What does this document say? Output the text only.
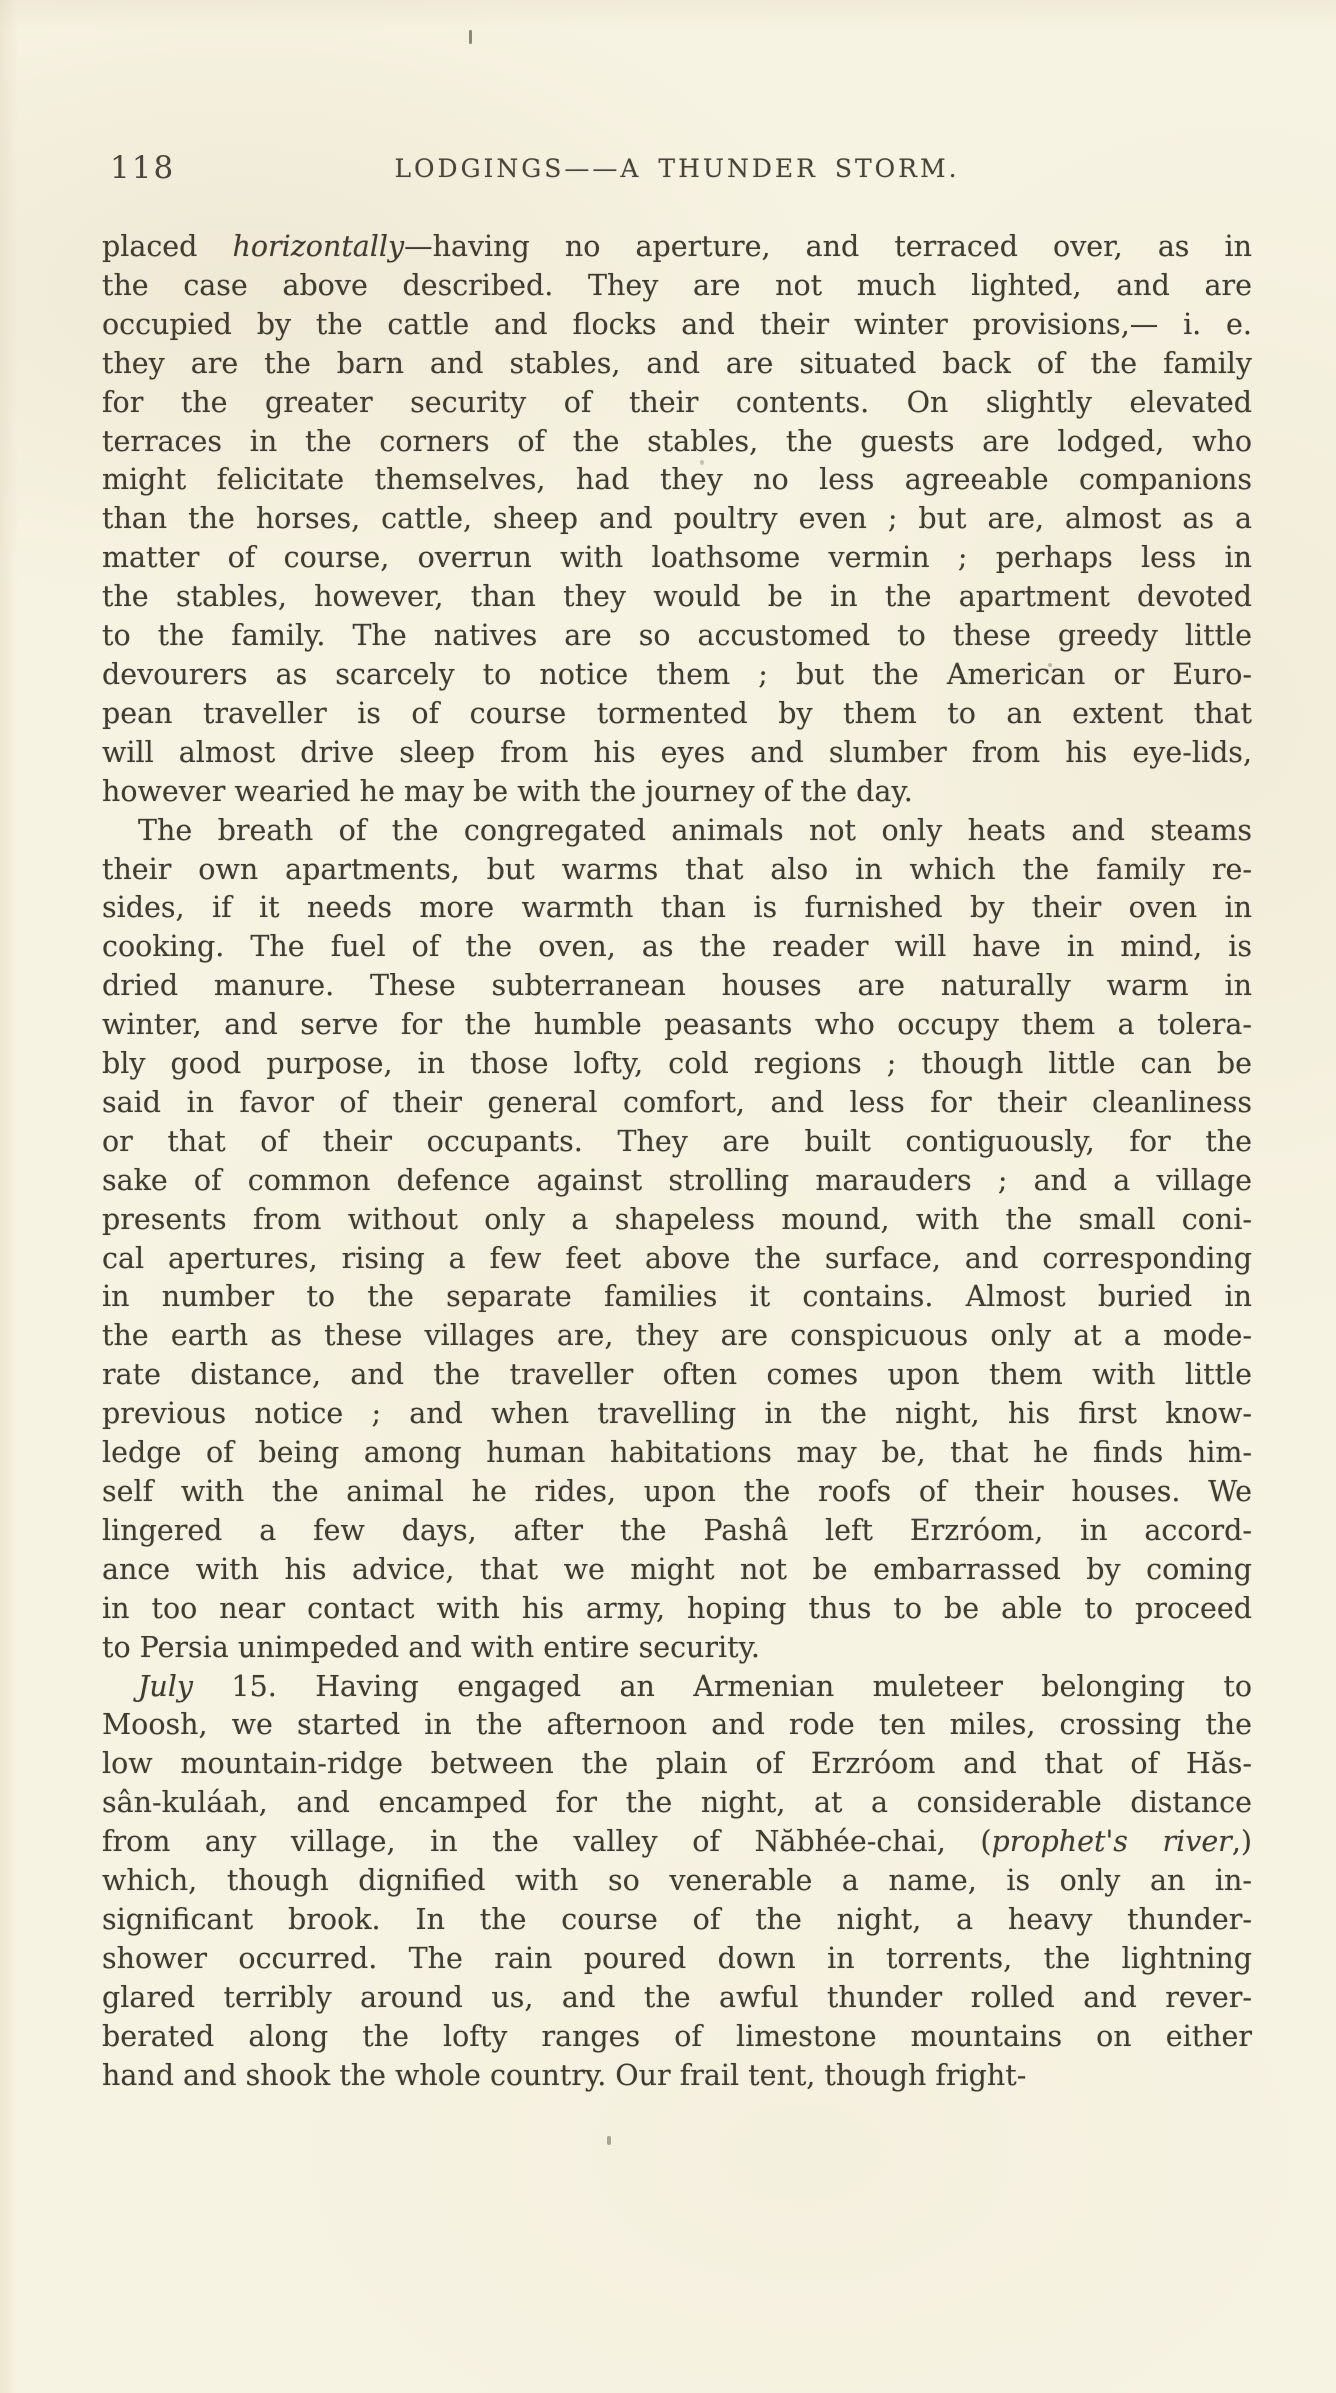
118	LODGINGS——A THUNDER STORM.
placed horizontally—having no aperture, and terraced over, as in
the case above described. They are not much lighted, and are
occupied by the cattle and flocks and their winter provisions,— i. e.
they are the barn and stables, and are situated back of the family
for the greater security of their contents. On slightly elevated
terraces in the corners of the stables, the guests are lodged, who
might felicitate themselves, had they no less agreeable companions
than the horses, cattle, sheep and poultry even ; but are, almost as a
matter of course, overrun with loathsome vermin ; perhaps less in
the stables, however, than they would be in the apartment devoted
to the family. The natives are so accustomed to these greedy little
devourers as scarcely to notice them ; but the American or Euro-
pean traveller is of course tormented by them to an extent that
will almost drive sleep from his eyes and slumber from his eye-lids,
however wearied he may be with the journey of the day.
The breath of the congregated animals not only heats and steams
their own apartments, but warms that also in which the family re-
sides, if it needs more warmth than is furnished by their oven in
cooking. The fuel of the oven, as the reader will have in mind, is
dried manure. These subterranean houses are naturally warm in
winter, and serve for the humble peasants who occupy them a tolera-
bly good purpose, in those lofty, cold regions ; though little can be
said in favor of their general comfort, and less for their cleanliness
or that of their occupants. They are built contiguously, for the
sake of common defence against strolling marauders ; and a village
presents from without only a shapeless mound, with the small coni-
cal apertures, rising a few feet above the surface, and corresponding
in number to the separate families it contains. Almost buried in
the earth as these villages are, they are conspicuous only at a mode-
rate distance, and the traveller often comes upon them with little
previous notice ; and when travelling in the night, his first know-
ledge of being among human habitations may be, that he finds him-
self with the animal he rides, upon the roofs of their houses. We
lingered a few days, after the Pashâ left Erzróom, in accord-
ance with his advice, that we might not be embarrassed by coming
in too near contact with his army, hoping thus to be able to proceed
to Persia unimpeded and with entire security.
July 15. Having engaged an Armenian muleteer belonging to
Moosh, we started in the afternoon and rode ten miles, crossing the
low mountain-ridge between the plain of Erzróom and that of Hăs-
sân-kuláah, and encamped for the night, at a considerable distance
from any village, in the valley of Năbhée-chai, (prophet's river,)
which, though dignified with so venerable a name, is only an in-
significant brook. In the course of the night, a heavy thunder-
shower occurred. The rain poured down in torrents, the lightning
glared terribly around us, and the awful thunder rolled and rever-
berated along the lofty ranges of limestone mountains on either
hand and shook the whole country. Our frail tent, though fright-
